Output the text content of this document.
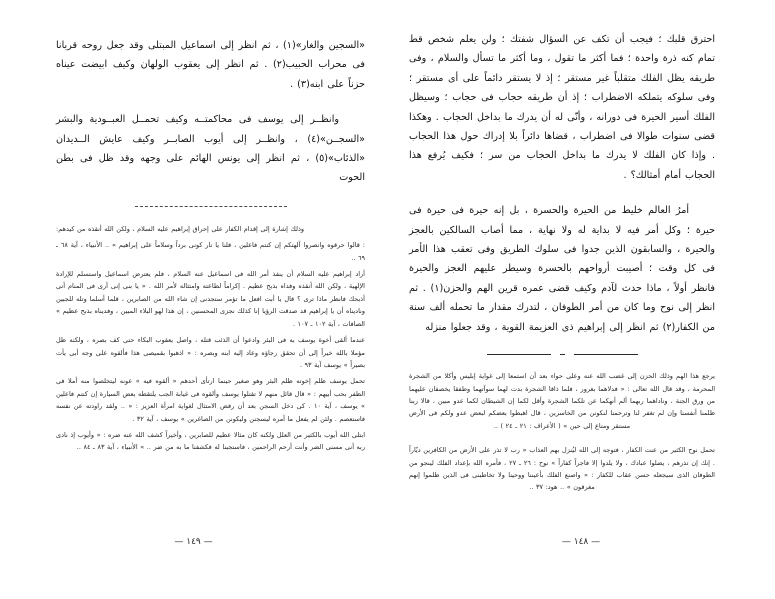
«السجين والغار»(١) ، ثم انظر إلى اسماعيل المبتلى وقد جعل روحه قربانا فى محراب الحبيب(٢) . ثم انظر إلى يعقوب الولهان وكيف ابيضت عيناه حزناً على ابنه(٣) .

وانظــر إلى يوسف فى محاكمتــه وكيف تحمــل العبــودية والبشر «السجــن»(٤) ، وانظــر إلى أيوب الصابــر وكيف عايش الــديدان «الذئاب»(٥) ، ثم انظر إلى يونس الهائم على وجهه وقد ظل فى بطن الحوت

وذلك إشارة إلى إقدام الكفار على إحراق إبراهيم عليه السلام ، ولكن الله أنقذه من كيدهم:

: قالوا حرقوه وانصروا آلهتكم إن كنتم فاعلين ، قلنا يا نار كونى برداً وسلاماً على إبراهيم » .. الأنبياء ، آية ٦٨ ـ ٦٩ ..

أراد إبراهيم عليه السلام أن ينفذ أمر الله فى اسماعيل عنه السلام ، فلم يعترض اسماعيل واستسلم للإرادة الإلهية ، ولكن الله أنقذه وفداه بذبح عظيم . إكراماً لطاعته وامتثاله لأمر الله . « يا بنى إنى أرى فى المنام أنى أذبحك فانظر ماذا ترى ؟ قال يا أبت افعل ما تؤمر ستجدنى إن شاء الله من الصابرين ، قلما أسلما وتله للجبين وناديناه أن يا إبراهيم قد صدقت الرؤيا إنا كذلك نجزى المحسنين ، إن هذا لهو البلاء المبين ، وفديناه بذبح عظيم » الصافات ، آية ١٠٢ ـ ١٠٧ .

عندما ألقى أخوة يوسف به فى البئر وادعوا أن الذئب قتله ، واصل يعقوب البكاء حتى كف بصره ، ولكنه ظل مؤملا بالله خيراً إلى أن تحقق رجاؤه وعاد إليه ابنه وبصره : « اذهبوا بقميصى هذا فألقوه على وجه أبى يأت بصيراً » يوسف آية ٩٣ .

تحمل يوسف ظلم إخوته ظلم البئر وهو صغير حينما ارتأى أحدهم « ألقوه فيه » عونه ليتخلصوا منه أملا فى الظفر بحب أبيهم : « قال قائل منهم لا تقتلوا يوسف وألقوه فى غيابة الجب يلتقطه بعض السيارة إن كنتم فاعلين » يوسف ، آية ١٠ . كى دخل السجن بعد أن رفض الامتثال لغواية امرأة العزيز : « .. ولقد راودته عن نفسه فاستعصم . ولئن لم يفعل ما آمره ليسجنن وليكونن من الصاغرين » يوسف ، آية ٣٢ .

ابتلى الله أيوب بالكثير من العلل ولكنه كان مثالا عظيم للصابرين ، وأخيراً كشف الله عنه ضره : « وأيوب إذ نادى ربه أنى مسنى الضر وأنت أرحم الراحمين ، فاستجبنا له فكشفنا ما به من ضر .. » الأنبياء ، آية ٨٣ ـ ٨٤ ..

— ١٤٩ —

احترق قلبك ؛ فيجب أن تكف عن السؤال شفتك ؛ ولن يعلم شخص قط تمام كنه ذرة واحدة ؛ فما أكثر ما تقول ، وما أكثر ما تسأل والسلام ، وفى طريقه يظل الفلك متقلباً غير مستقر ؛ إذ لا يستقر دائماً على أى مستقر ؛ وفى سلوكه يتملكه الاضطراب ؛ إذ أن طريقه حجاب فى حجاب ؛ وسيظل الفلك أسير الحيرة فى دورانه ، وأنّى له أن يدرك ما بداخل الحجاب . وهكذا قضى سنوات طوالا فى اضطراب ، قضاها دائراً بلا إدراك حول هذا الحجاب . وإذا كان الفلك لا يدرك ما بداخل الحجاب من سر ؛ فكيف يُرفع هذا الحجاب أمام أمثالك؟ .

أمرُ العالم خليط من الحيرة والحسرة ، بل إنه حيرة فى حيرة فى حيرة ؛ وكل أمر فيه لا بداية له ولا نهاية ، مما أصاب السالكين بالعجز والحيرة ، والسابقون الذين جدوا فى سلوك الطريق وفى تعقب هذا الأمر فى كل وقت ؛ أصيبت أرواحهم بالحسرة وسيطر عليهم العجز والحيرة فانظر أولاً ، ماذا حدث لآدم وكيف قضى عمره قرين الهم والحزن(١) . ثم انظر إلى نوح وما كان من أمر الطوفان ، لتدرك مقدار ما تحمله ألف سنة من الكفار(٢) ثم انظر إلى إبراهيم ذى العزيمة القوية ، وقد جعلوا منزله

يرجع هذا الهم وذلك الحزن إلى غضب الله عنه وعلى حواء بعد أن استمعا إلى غواية إبليس وأكلا من الشجرة المحرمة ، وقد قال الله تعالى : « فدلاهما بغرور ، فلما ذاقا الشجرة بدت لهما سوآتهما وطفقا يخصفان عليهما من ورق الجنة ، وناداهما ربهما ألم أنهكما عن تلكما الشجرة وأقل لكما إن الشيطان لكما عدو مبين ، قالا ربنا ظلمنا أنفسنا وإن لم تغفر لنا وترحمنا لنكونن من الخاسرين ، قال اهبطوا بعضكم لبعض عدو ولكم فى الأرض مستقر ومتاع إلى حين » ( الأعراف : ٢١ ـ ٢٤ ) ..

تحمل نوح الكثير من عنت الكفار ، فتوجه إلى الله ليُنزل بهم العذاب « رب لا تذر على الأرض من الكافرين ديّاراً . إنك إن تذرهم ، يضلوا عبادك ، ولا يلدوا إلا فاجراً كفاراً » نوح : ٢٦ ـ ٢٧ ، فأمره الله بإعداد الفلك لينجو من الطوفان الذى سيجعله حسن عقاب للكفار : « واصنع الفلك بأعيننا ووحينا ولا تخاطبنى فى الذين ظلموا إنهم مغرقون » .. هود: ٣٧ ..

— ١٤٨ —
